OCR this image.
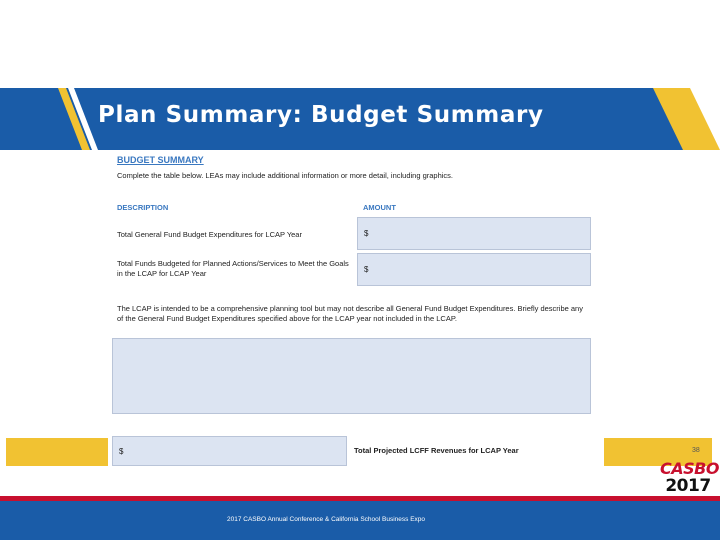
Plan Summary: Budget Summary
BUDGET SUMMARY
Complete the table below. LEAs may include additional information or more detail, including graphics.
DESCRIPTION	AMOUNT
Total General Fund Budget Expenditures for LCAP Year	$
Total Funds Budgeted for Planned Actions/Services to Meet the Goals in the LCAP for LCAP Year	$
The LCAP is intended to be a comprehensive planning tool but may not describe all General Fund Budget Expenditures. Briefly describe any of the General Fund Budget Expenditures specified above for the LCAP year not included in the LCAP.
$	Total Projected LCFF Revenues for LCAP Year	38
CASBO
2017
2017 CASBO Annual Conference & California School Business Expo
